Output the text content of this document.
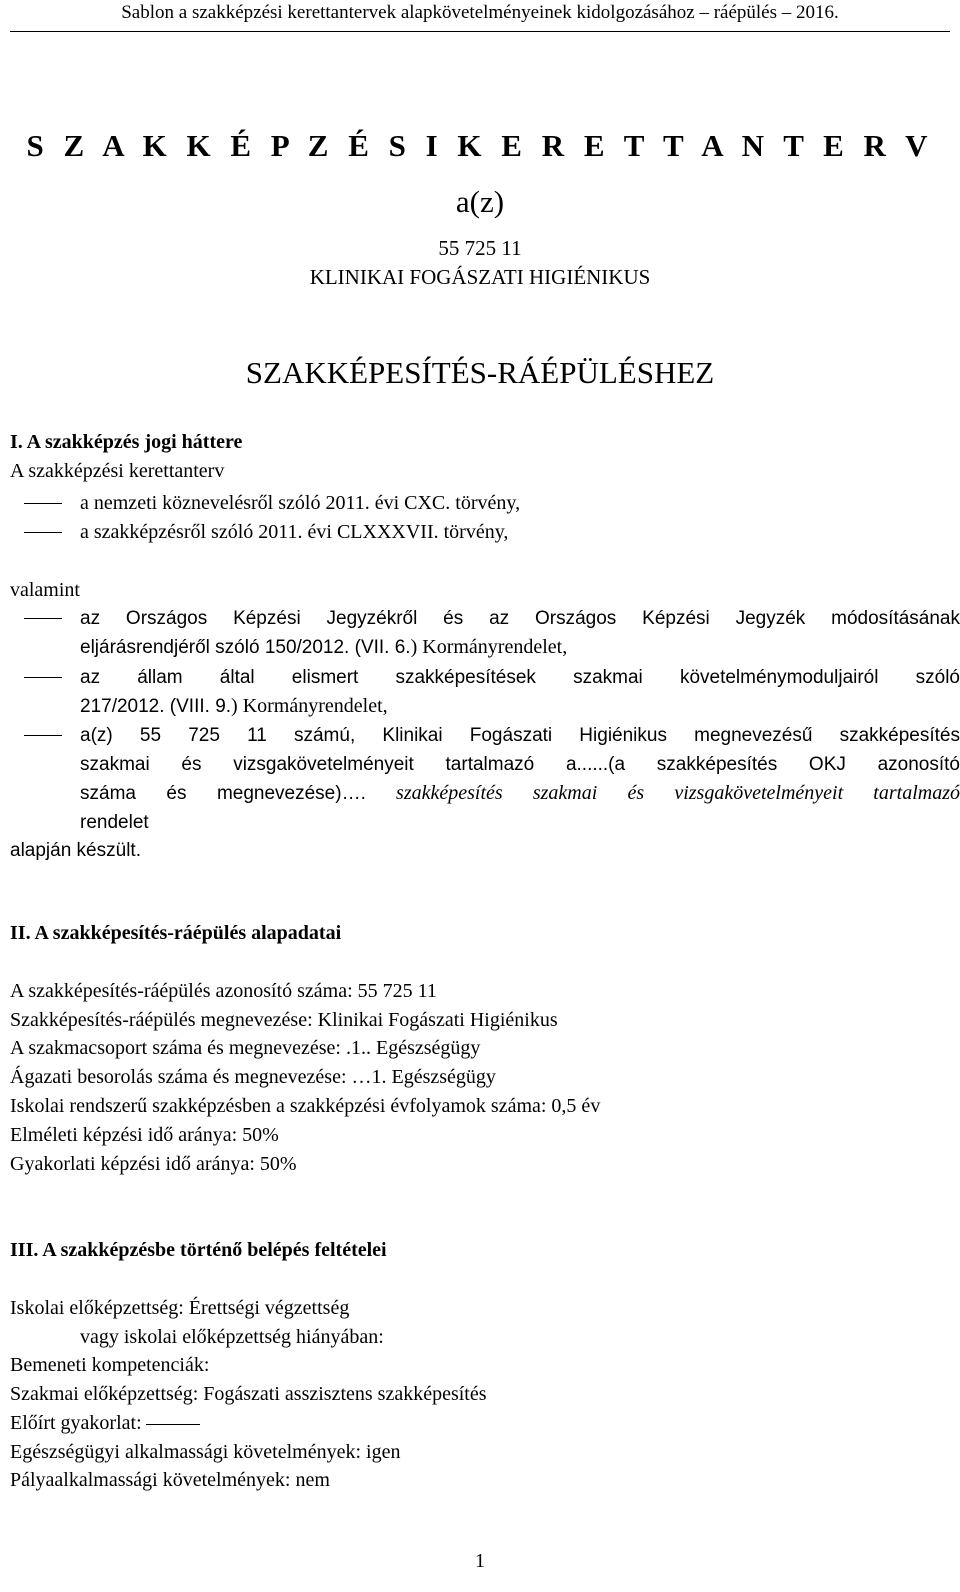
Sablon a szakképzési kerettantervek alapkövetelményeinek kidolgozásához – ráépülés – 2016.
S Z A K K É P Z É S I K E R E T T A N T E R V
a(z)
55 725 11
KLINIKAI FOGÁSZATI HIGIÉNIKUS
SZAKKÉPESÍTÉS-RÁÉPÜLÉSHEZ
I. A szakképzés jogi háttere
A szakképzési kerettanterv
a nemzeti köznevelésről szóló 2011. évi CXC. törvény,
a szakképzésről szóló 2011. évi CLXXXVII. törvény,
valamint
az Országos Képzési Jegyzékről és az Országos Képzési Jegyzék módosításának
eljárásrendjéről szóló 150/2012. (VII. 6.) Kormányrendelet,
az állam által elismert szakképesítések szakmai követelménymoduljairól szóló
217/2012. (VIII. 9.) Kormányrendelet,
a(z) 55 725 11 számú, Klinikai Fogászati Higiénikus megnevezésű szakképesítés
szakmai és vizsgakövetelményeit tartalmazó a......(a szakképesítés OKJ azonosító
száma és megnevezése)…. szakképesítés szakmai és vizsgakövetelményeit tartalmazó
rendelet
alapján készült.
II. A szakképesítés-ráépülés alapadatai
A szakképesítés-ráépülés azonosító száma: 55 725 11
Szakképesítés-ráépülés megnevezése: Klinikai Fogászati Higiénikus
A szakmacsoport száma és megnevezése: .1.. Egészségügy
Ágazati besorolás száma és megnevezése: …1. Egészségügy
Iskolai rendszerű szakképzésben a szakképzési évfolyamok száma: 0,5 év
Elméleti képzési idő aránya: 50%
Gyakorlati képzési idő aránya: 50%
III. A szakképzésbe történő belépés feltételei
Iskolai előképzettség: Érettségi végzettség
vagy iskolai előképzettség hiányában:
Bemeneti kompetenciák:
Szakmai előképzettség: Fogászati asszisztens szakképesítés
Előírt gyakorlat:
Egészségügyi alkalmassági követelmények: igen
Pályaalkalmassági követelmények: nem
1
